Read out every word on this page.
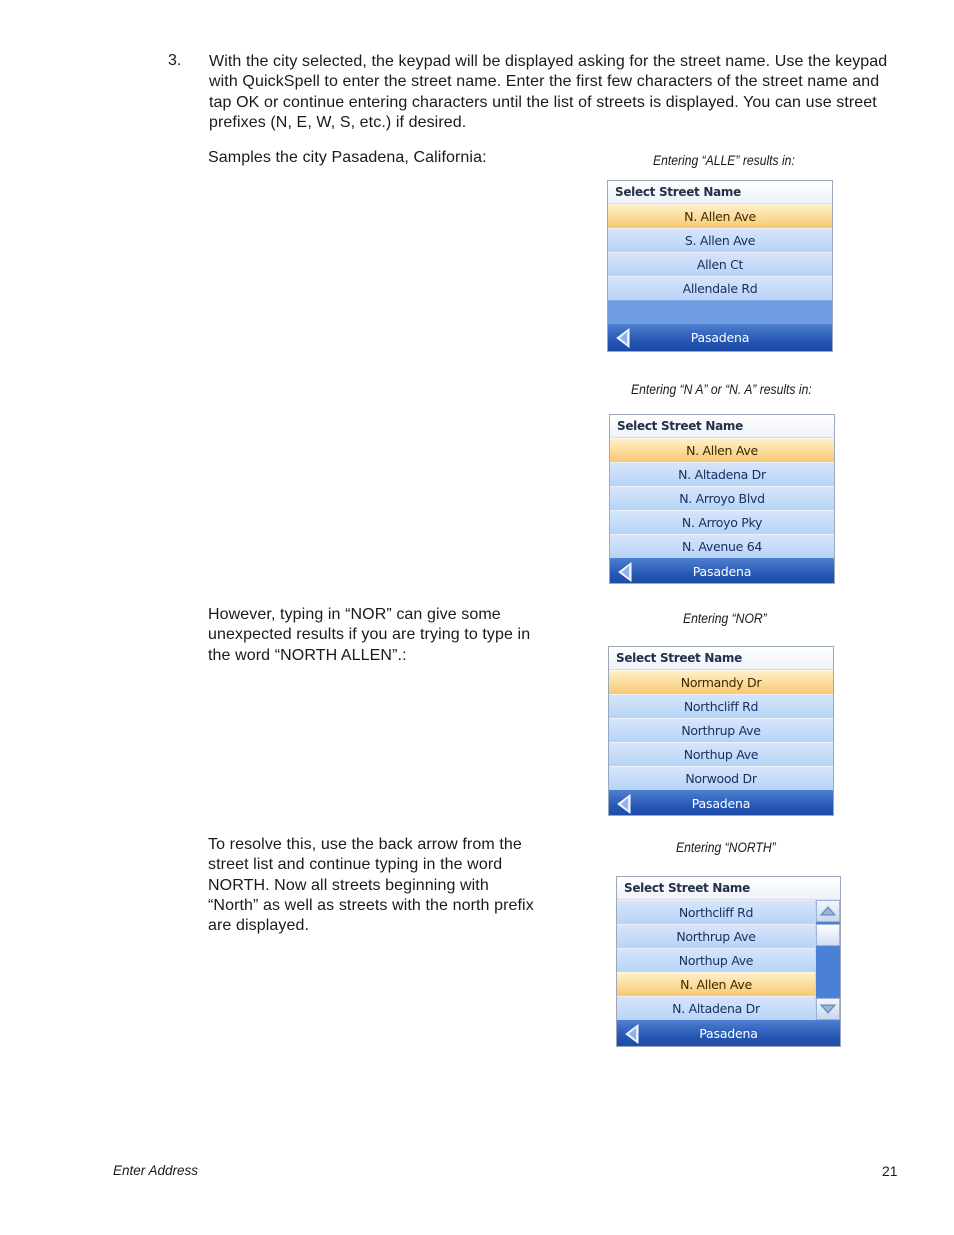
3. With the city selected, the keypad will be displayed asking for the street name. Use the keypad with QuickSpell to enter the street name. Enter the first few characters of the street name and tap OK or continue entering characters until the list of streets is displayed. You can use street prefixes (N, E, W, S, etc.) if desired.

Samples the city Pasadena, California:	Entering “ALLE” results in:
Select Street Name
N. Allen Ave
S. Allen Ave
Allen Ct
Allendale Rd
Pasadena
Entering “N A” or “N. A” results in:
Select Street Name
N. Allen Ave
N. Altadena Dr
N. Arroyo Blvd
N. Arroyo Pky
N. Avenue 64
Pasadena

However, typing in “NOR” can give some unexpected results if you are trying to type in the word “NORTH ALLEN”.:

Entering “NOR”
Select Street Name
Normandy Dr
Northcliff Rd
Northrup Ave
Northup Ave
Norwood Dr
Pasadena

To resolve this, use the back arrow from the street list and continue typing in the word NORTH. Now all streets beginning with “North” as well as streets with the north prefix are displayed.

Entering “NORTH”
Select Street Name
Northcliff Rd
Northrup Ave
Northup Ave
N. Allen Ave
N. Altadena Dr
Pasadena
Enter Address	21
